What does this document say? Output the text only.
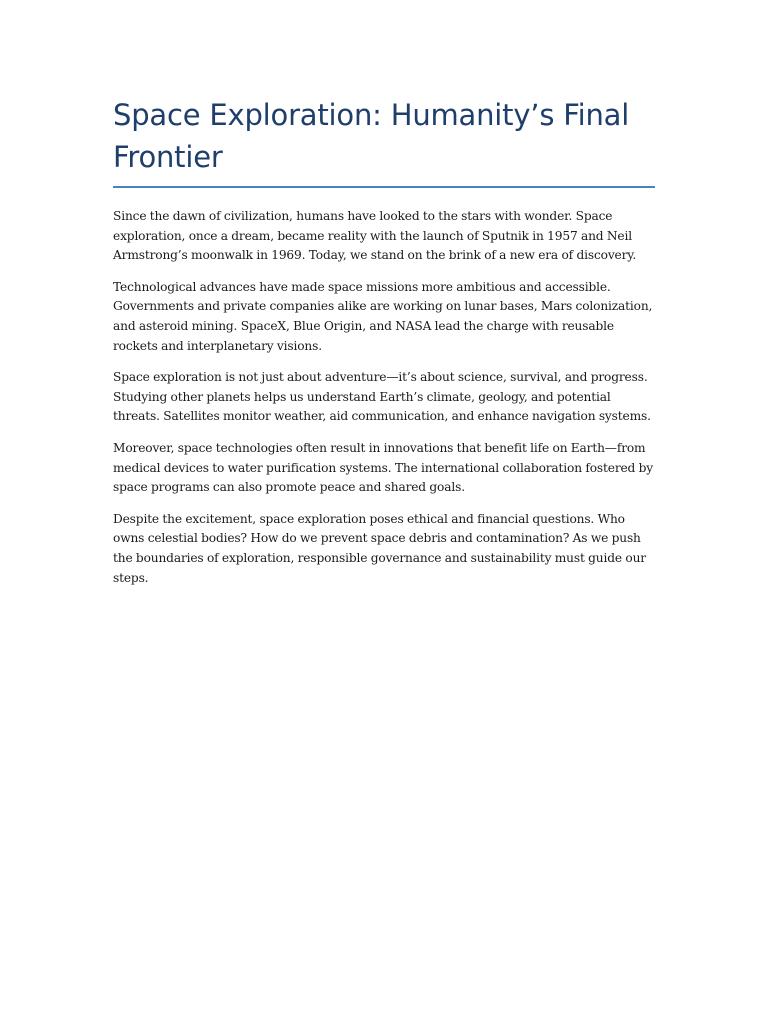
Space Exploration: Humanity’s Final Frontier

Since the dawn of civilization, humans have looked to the stars with wonder. Space exploration, once a dream, became reality with the launch of Sputnik in 1957 and Neil Armstrong’s moonwalk in 1969. Today, we stand on the brink of a new era of discovery.

Technological advances have made space missions more ambitious and accessible. Governments and private companies alike are working on lunar bases, Mars colonization, and asteroid mining. SpaceX, Blue Origin, and NASA lead the charge with reusable rockets and interplanetary visions.

Space exploration is not just about adventure—it’s about science, survival, and progress. Studying other planets helps us understand Earth’s climate, geology, and potential threats. Satellites monitor weather, aid communication, and enhance navigation systems.

Moreover, space technologies often result in innovations that benefit life on Earth—from medical devices to water purification systems. The international collaboration fostered by space programs can also promote peace and shared goals.

Despite the excitement, space exploration poses ethical and financial questions. Who owns celestial bodies? How do we prevent space debris and contamination? As we push the boundaries of exploration, responsible governance and sustainability must guide our steps.
